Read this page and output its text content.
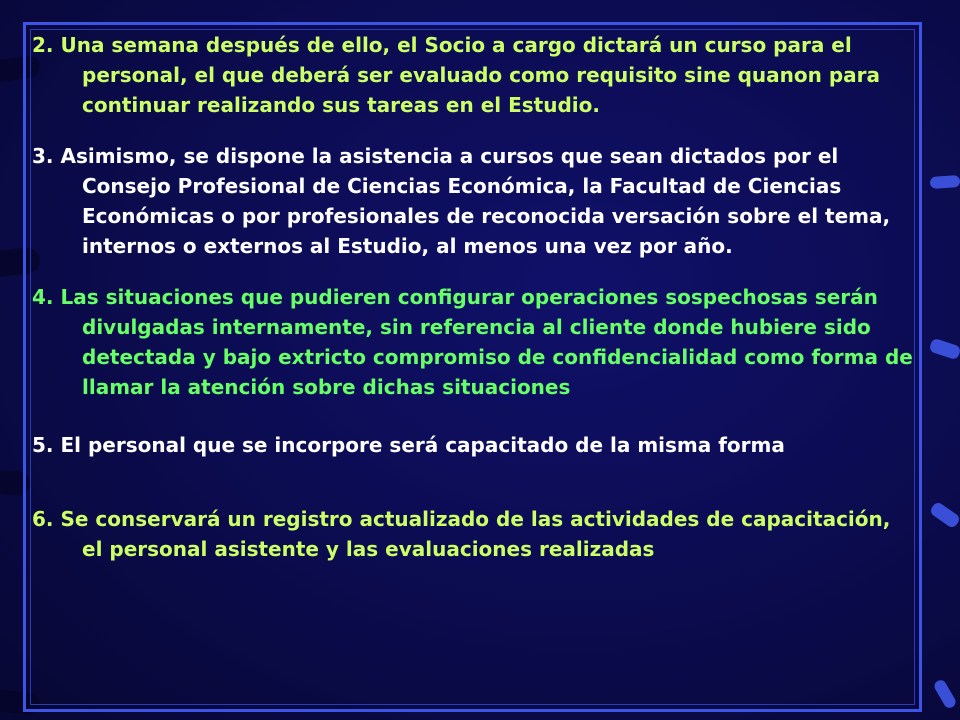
2. Una semana después de ello, el Socio a cargo dictará un curso para el personal, el que deberá ser evaluado como requisito sine quanon para continuar realizando sus tareas en el Estudio.

3. Asimismo, se dispone la asistencia a cursos que sean dictados por el Consejo Profesional de Ciencias Económica, la Facultad de Ciencias Económicas o por profesionales de reconocida versación sobre el tema, internos o externos al Estudio, al menos una vez por año.

4. Las situaciones que pudieren configurar operaciones sospechosas serán divulgadas internamente, sin referencia al cliente donde hubiere sido detectada y bajo extricto compromiso de confidencialidad como forma de llamar la atención sobre dichas situaciones

5. El personal que se incorpore será capacitado de la misma forma

6. Se conservará un registro actualizado de las actividades de capacitación, el personal asistente y las evaluaciones realizadas
